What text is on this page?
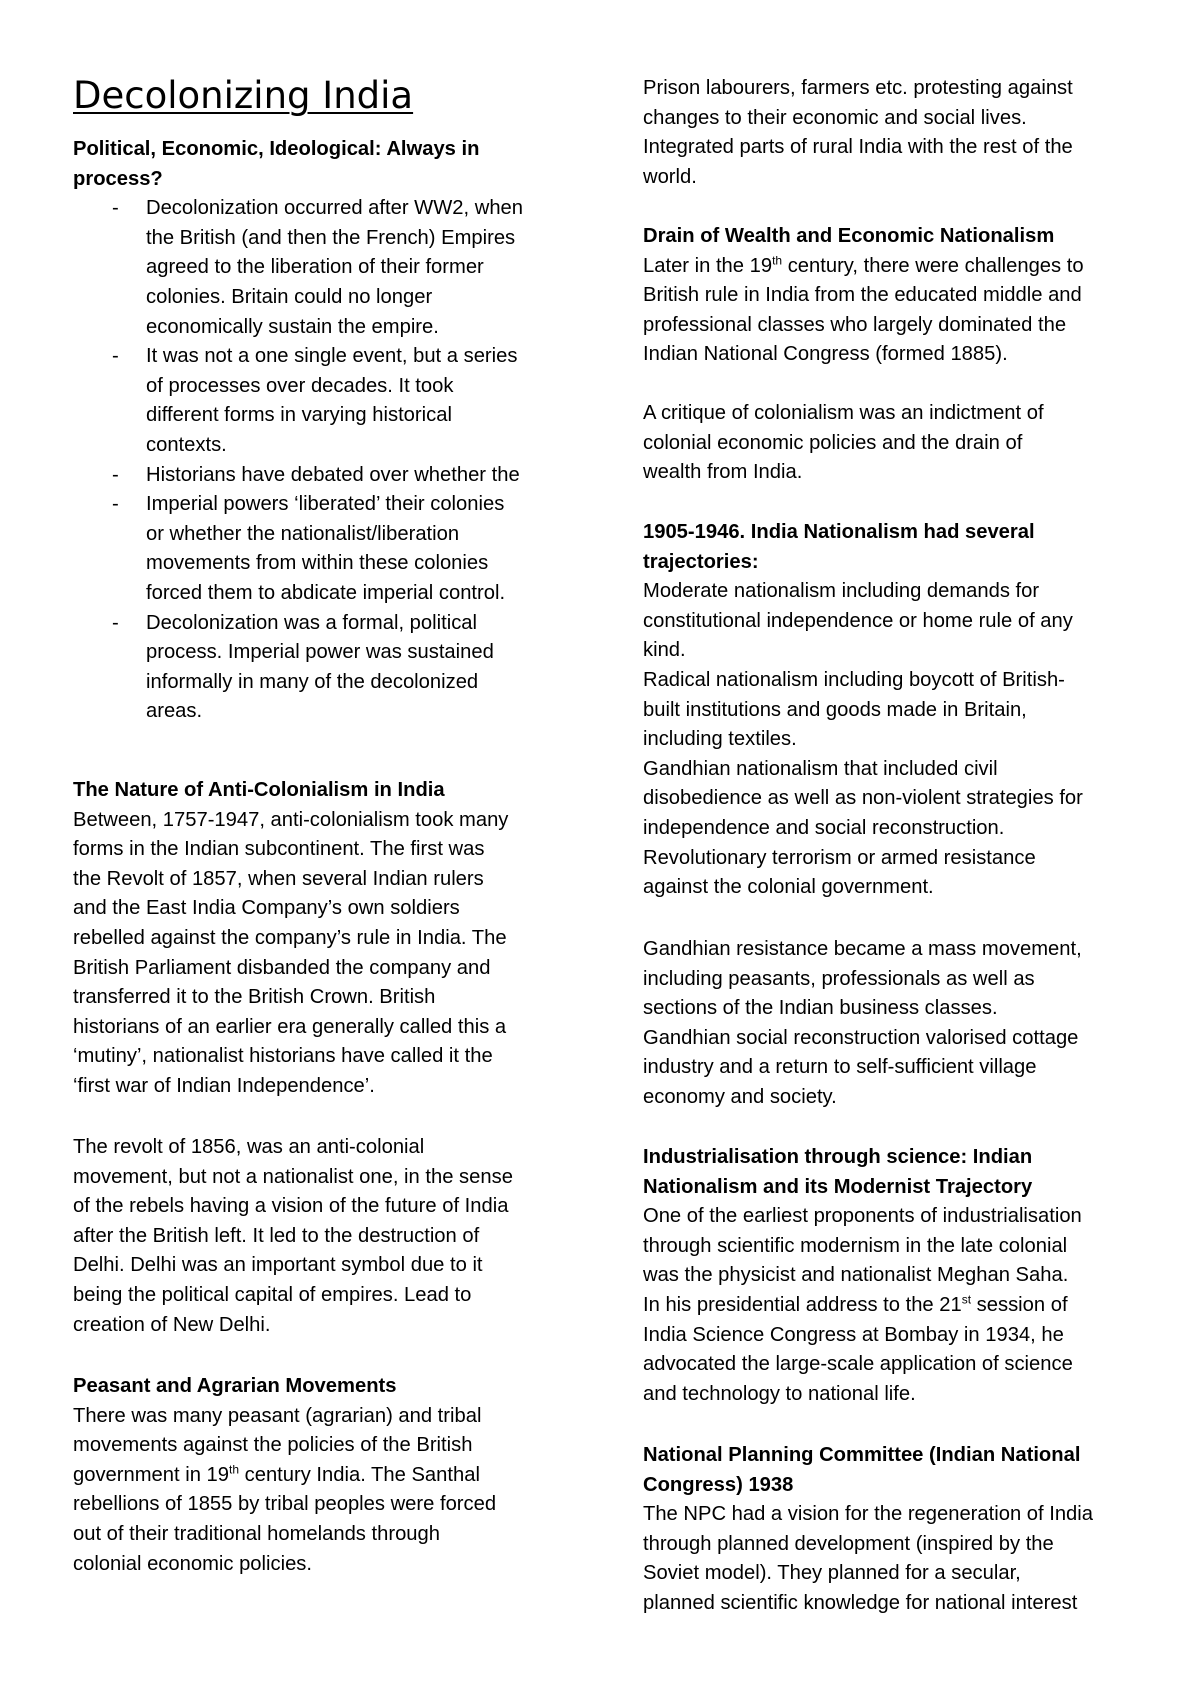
Decolonizing India
Political, Economic, Ideological: Always in
process?
- Decolonization occurred after WW2, when
the British (and then the French) Empires
agreed to the liberation of their former
colonies. Britain could no longer
economically sustain the empire.
- It was not a one single event, but a series
of processes over decades. It took
different forms in varying historical
contexts.
- Historians have debated over whether the
- Imperial powers ‘liberated’ their colonies
or whether the nationalist/liberation
movements from within these colonies
forced them to abdicate imperial control.
- Decolonization was a formal, political
process. Imperial power was sustained
informally in many of the decolonized
areas.
The Nature of Anti-Colonialism in India
Between, 1757-1947, anti-colonialism took many
forms in the Indian subcontinent. The first was
the Revolt of 1857, when several Indian rulers
and the East India Company’s own soldiers
rebelled against the company’s rule in India. The
British Parliament disbanded the company and
transferred it to the British Crown. British
historians of an earlier era generally called this a
‘mutiny’, nationalist historians have called it the
‘first war of Indian Independence’.
The revolt of 1856, was an anti-colonial
movement, but not a nationalist one, in the sense
of the rebels having a vision of the future of India
after the British left. It led to the destruction of
Delhi. Delhi was an important symbol due to it
being the political capital of empires. Lead to
creation of New Delhi.
Peasant and Agrarian Movements
There was many peasant (agrarian) and tribal
movements against the policies of the British
government in 19th century India. The Santhal
rebellions of 1855 by tribal peoples were forced
out of their traditional homelands through
colonial economic policies.
Prison labourers, farmers etc. protesting against
changes to their economic and social lives.
Integrated parts of rural India with the rest of the
world.
Drain of Wealth and Economic Nationalism
Later in the 19th century, there were challenges to
British rule in India from the educated middle and
professional classes who largely dominated the
Indian National Congress (formed 1885).
A critique of colonialism was an indictment of
colonial economic policies and the drain of
wealth from India.
1905-1946. India Nationalism had several
trajectories:
Moderate nationalism including demands for
constitutional independence or home rule of any
kind.
Radical nationalism including boycott of British-
built institutions and goods made in Britain,
including textiles.
Gandhian nationalism that included civil
disobedience as well as non-violent strategies for
independence and social reconstruction.
Revolutionary terrorism or armed resistance
against the colonial government.
Gandhian resistance became a mass movement,
including peasants, professionals as well as
sections of the Indian business classes.
Gandhian social reconstruction valorised cottage
industry and a return to self-sufficient village
economy and society.
Industrialisation through science: Indian
Nationalism and its Modernist Trajectory
One of the earliest proponents of industrialisation
through scientific modernism in the late colonial
was the physicist and nationalist Meghan Saha.
In his presidential address to the 21st session of
India Science Congress at Bombay in 1934, he
advocated the large-scale application of science
and technology to national life.
National Planning Committee (Indian National
Congress) 1938
The NPC had a vision for the regeneration of India
through planned development (inspired by the
Soviet model). They planned for a secular,
planned scientific knowledge for national interest
